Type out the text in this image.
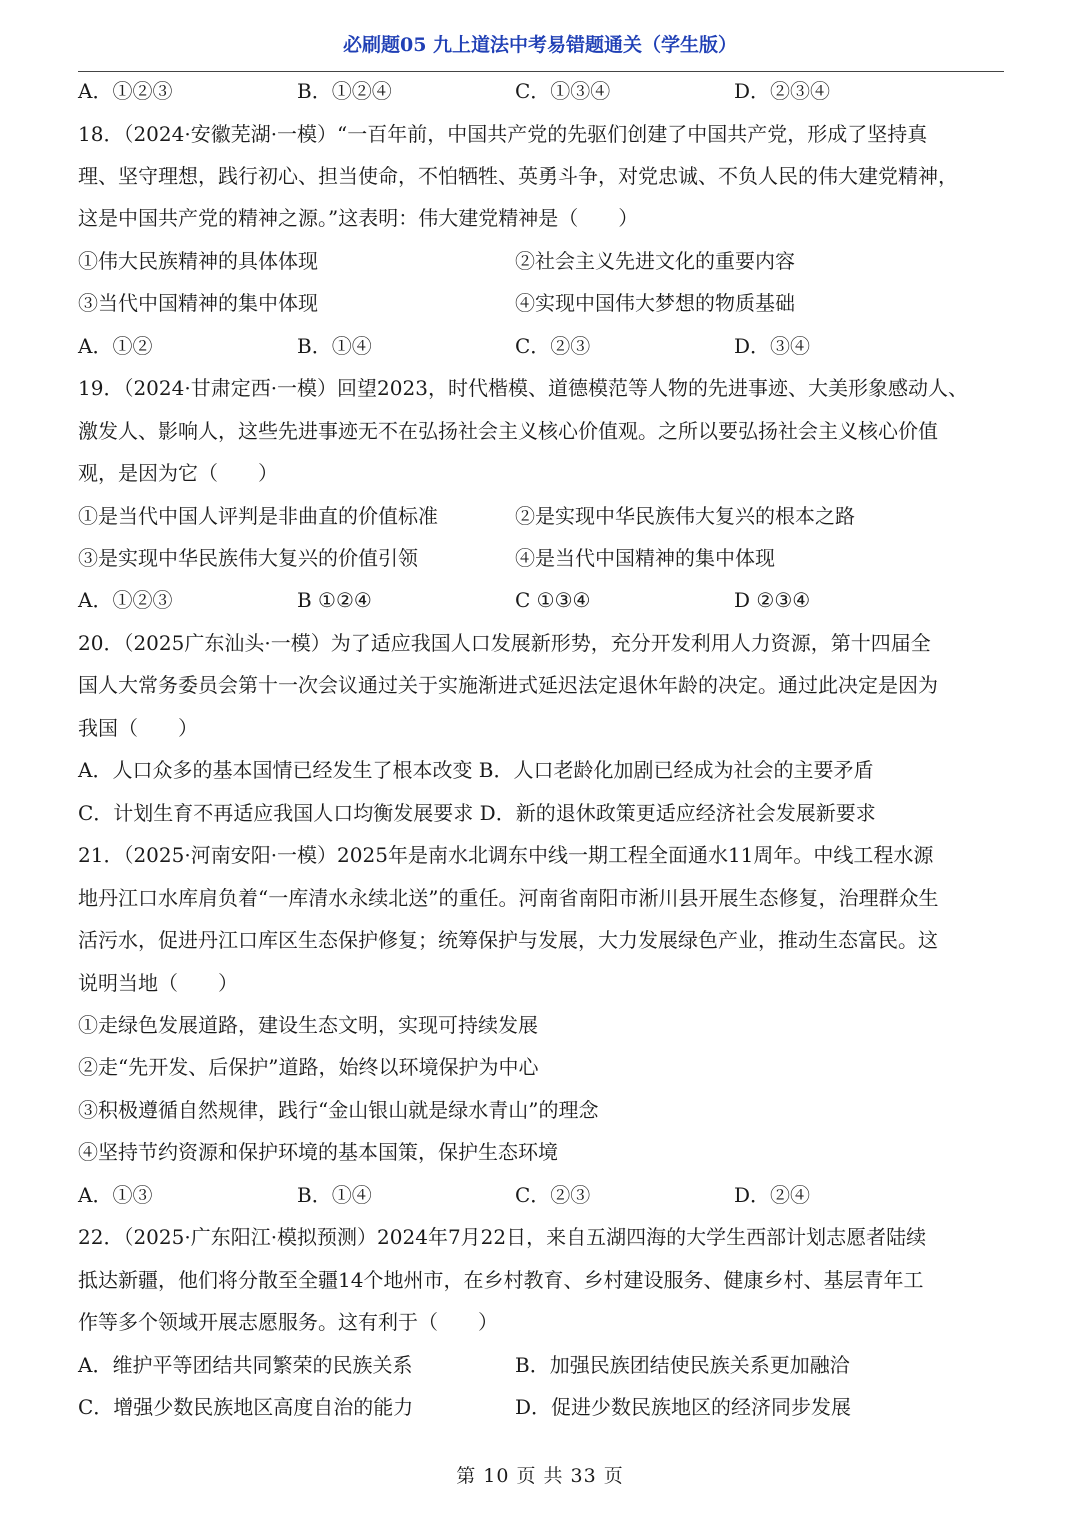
必刷题05 九上道法中考易错题通关（学生版）
A．①②③	B．①②④	C．①③④	D．②③④
18．（2024·安徽芜湖·一模）“一百年前，中国共产党的先驱们创建了中国共产党，形成了坚持真
理、坚守理想，践行初心、担当使命，不怕牺牲、英勇斗争，对党忠诚、不负人民的伟大建党精神，
这是中国共产党的精神之源。”这表明：伟大建党精神是（　　）
①伟大民族精神的具体体现	②社会主义先进文化的重要内容
③当代中国精神的集中体现	④实现中国伟大梦想的物质基础
A．①②	B．①④	C．②③	D．③④
19．（2024·甘肃定西·一模）回望2023，时代楷模、道德模范等人物的先进事迹、大美形象感动人、
激发人、影响人，这些先进事迹无不在弘扬社会主义核心价值观。之所以要弘扬社会主义核心价值
观，是因为它（　　）
①是当代中国人评判是非曲直的价值标准	②是实现中华民族伟大复兴的根本之路
③是实现中华民族伟大复兴的价值引领	④是当代中国精神的集中体现
A．①②③	B ①②④	C ①③④	D ②③④
20．（2025广东汕头·一模）为了适应我国人口发展新形势，充分开发利用人力资源，第十四届全
国人大常务委员会第十一次会议通过关于实施渐进式延迟法定退休年龄的决定。通过此决定是因为
我国（　　）
A．人口众多的基本国情已经发生了根本改变 B．人口老龄化加剧已经成为社会的主要矛盾
C．计划生育不再适应我国人口均衡发展要求 D．新的退休政策更适应经济社会发展新要求
21．（2025·河南安阳·一模）2025年是南水北调东中线一期工程全面通水11周年。中线工程水源
地丹江口水库肩负着“一库清水永续北送”的重任。河南省南阳市淅川县开展生态修复，治理群众生
活污水，促进丹江口库区生态保护修复；统筹保护与发展，大力发展绿色产业，推动生态富民。这
说明当地（　　）
①走绿色发展道路，建设生态文明，实现可持续发展
②走“先开发、后保护”道路，始终以环境保护为中心
③积极遵循自然规律，践行“金山银山就是绿水青山”的理念
④坚持节约资源和保护环境的基本国策，保护生态环境
A．①③	B．①④	C．②③	D．②④
22．（2025·广东阳江·模拟预测）2024年7月22日，来自五湖四海的大学生西部计划志愿者陆续
抵达新疆，他们将分散至全疆14个地州市，在乡村教育、乡村建设服务、健康乡村、基层青年工
作等多个领域开展志愿服务。这有利于（　　）
A．维护平等团结共同繁荣的民族关系	B．加强民族团结使民族关系更加融洽
C．增强少数民族地区高度自治的能力	D．促进少数民族地区的经济同步发展
第 10 页 共 33 页
